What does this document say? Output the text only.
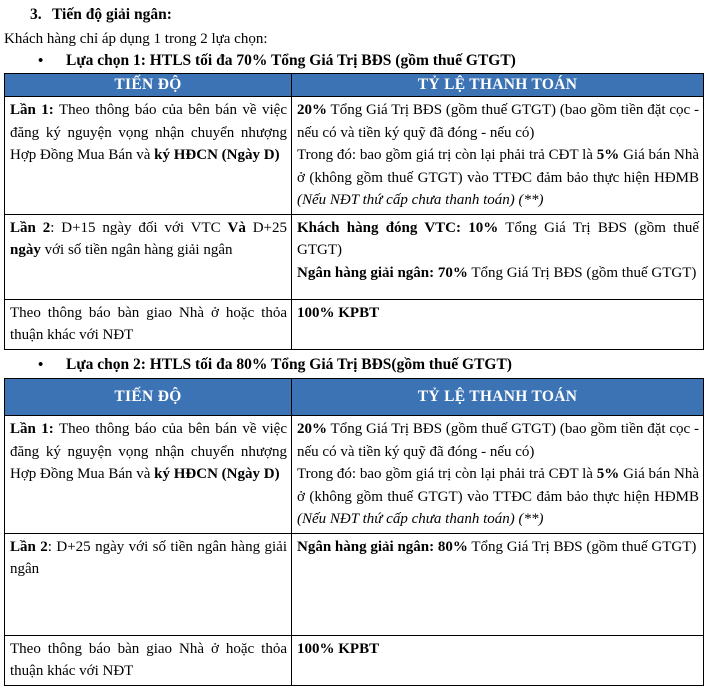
3. Tiến độ giải ngân:
Khách hàng chỉ áp dụng 1 trong 2 lựa chọn:
• Lựa chọn 1: HTLS tối đa 70% Tổng Giá Trị BĐS (gồm thuế GTGT)
TIẾN ĐỘ	TỶ LỆ THANH TOÁN
Lần 1: Theo thông báo của bên bán về việc đăng ký nguyện vọng nhận chuyển nhượng Hợp Đồng Mua Bán và ký HĐCN (Ngày D)	20% Tổng Giá Trị BĐS (gồm thuế GTGT) (bao gồm tiền đặt cọc - nếu có và tiền ký quỹ đã đóng - nếu có)
Trong đó: bao gồm giá trị còn lại phải trả CĐT là 5% Giá bán Nhà ở (không gồm thuế GTGT) vào TTĐC đảm bảo thực hiện HĐMB (Nếu NĐT thứ cấp chưa thanh toán) (**)
Lần 2: D+15 ngày đối với VTC Và D+25 ngày với số tiền ngân hàng giải ngân	Khách hàng đóng VTC: 10% Tổng Giá Trị BĐS (gồm thuế GTGT)
Ngân hàng giải ngân: 70% Tổng Giá Trị BĐS (gồm thuế GTGT)
Theo thông báo bàn giao Nhà ở hoặc thỏa thuận khác với NĐT	100% KPBT
• Lựa chọn 2: HTLS tối đa 80% Tổng Giá Trị BĐS(gồm thuế GTGT)
TIẾN ĐỘ	TỶ LỆ THANH TOÁN
Lần 1: Theo thông báo của bên bán về việc đăng ký nguyện vọng nhận chuyển nhượng Hợp Đồng Mua Bán và ký HĐCN (Ngày D)	20% Tổng Giá Trị BĐS (gồm thuế GTGT) (bao gồm tiền đặt cọc - nếu có và tiền ký quỹ đã đóng - nếu có)
Trong đó: bao gồm giá trị còn lại phải trả CĐT là 5% Giá bán Nhà ở (không gồm thuế GTGT) vào TTĐC đảm bảo thực hiện HĐMB (Nếu NĐT thứ cấp chưa thanh toán) (**)
Lần 2: D+25 ngày với số tiền ngân hàng giải ngân	Ngân hàng giải ngân: 80% Tổng Giá Trị BĐS (gồm thuế GTGT)
Theo thông báo bàn giao Nhà ở hoặc thỏa thuận khác với NĐT	100% KPBT
